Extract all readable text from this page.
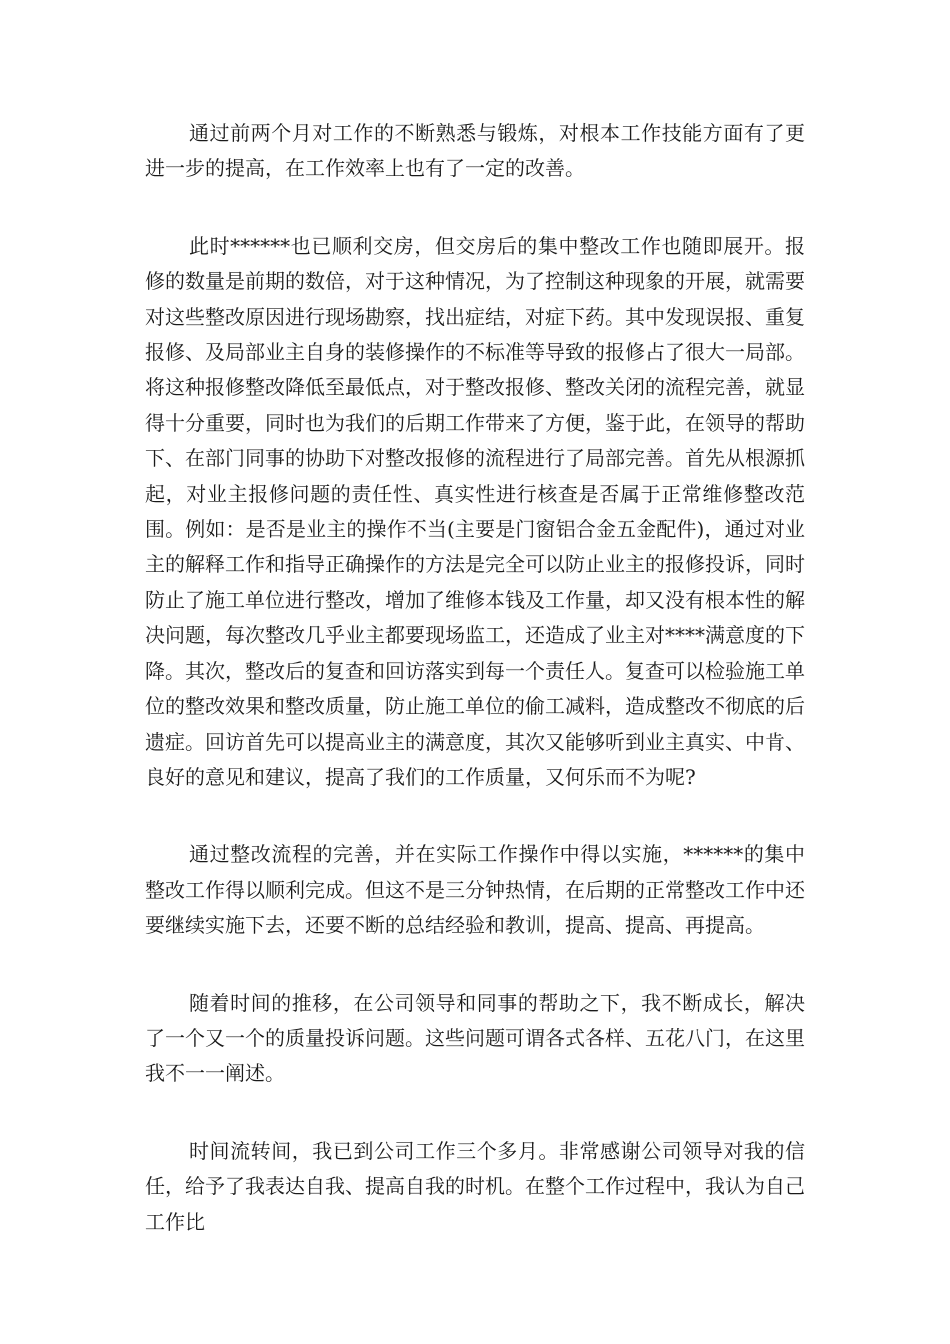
通过前两个月对工作的不断熟悉与锻炼，对根本工作技能方面有了更进一步的提高，在工作效率上也有了一定的改善。

此时******也已顺利交房，但交房后的集中整改工作也随即展开。报修的数量是前期的数倍，对于这种情况，为了控制这种现象的开展，就需要对这些整改原因进行现场勘察，找出症结，对症下药。其中发现误报、重复报修、及局部业主自身的装修操作的不标准等导致的报修占了很大一局部。将这种报修整改降低至最低点，对于整改报修、整改关闭的流程完善，就显得十分重要，同时也为我们的后期工作带来了方便，鉴于此，在领导的帮助下、在部门同事的协助下对整改报修的流程进行了局部完善。首先从根源抓起，对业主报修问题的责任性、真实性进行核查是否属于正常维修整改范围。例如：是否是业主的操作不当(主要是门窗铝合金五金配件)，通过对业主的解释工作和指导正确操作的方法是完全可以防止业主的报修投诉，同时防止了施工单位进行整改，增加了维修本钱及工作量，却又没有根本性的解决问题，每次整改几乎业主都要现场监工，还造成了业主对****满意度的下降。其次，整改后的复查和回访落实到每一个责任人。复查可以检验施工单位的整改效果和整改质量，防止施工单位的偷工减料，造成整改不彻底的后遗症。回访首先可以提高业主的满意度，其次又能够听到业主真实、中肯、良好的意见和建议，提高了我们的工作质量，又何乐而不为呢?

通过整改流程的完善，并在实际工作操作中得以实施，******的集中整改工作得以顺利完成。但这不是三分钟热情，在后期的正常整改工作中还要继续实施下去，还要不断的总结经验和教训，提高、提高、再提高。

随着时间的推移，在公司领导和同事的帮助之下，我不断成长，解决了一个又一个的质量投诉问题。这些问题可谓各式各样、五花八门，在这里我不一一阐述。

时间流转间，我已到公司工作三个多月。非常感谢公司领导对我的信任，给予了我表达自我、提高自我的时机。在整个工作过程中，我认为自己工作比
